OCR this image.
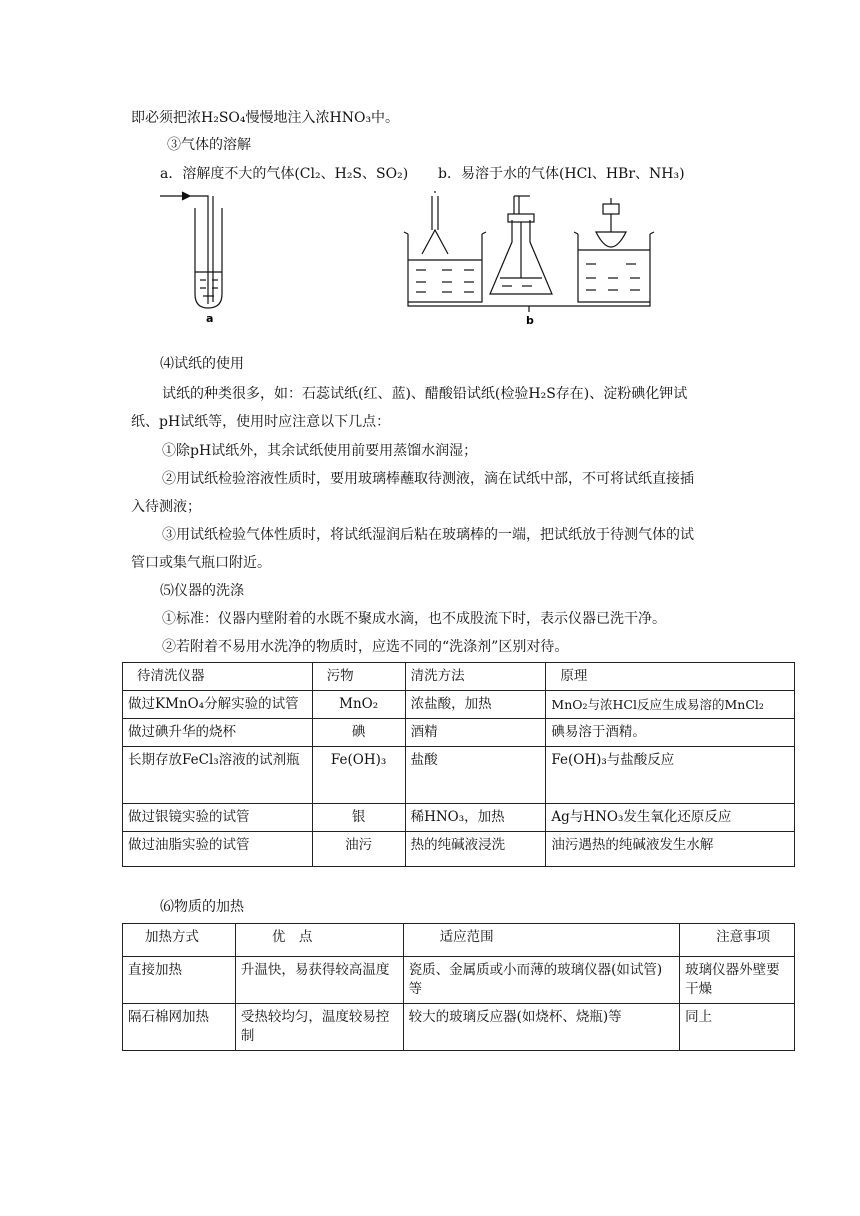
即必须把浓H₂SO₄慢慢地注入浓HNO₃中。
③气体的溶解
a．溶解度不大的气体(Cl₂、H₂S、SO₂) b．易溶于水的气体(HCl、HBr、NH₃)
a	b
⑷试纸的使用
试纸的种类很多，如：石蕊试纸(红、蓝)、醋酸铅试纸(检验H₂S存在)、淀粉碘化钾试
纸、pH试纸等，使用时应注意以下几点：
①除pH试纸外，其余试纸使用前要用蒸馏水润湿；
②用试纸检验溶液性质时，要用玻璃棒蘸取待测液，滴在试纸中部，不可将试纸直接插
入待测液；
③用试纸检验气体性质时，将试纸湿润后粘在玻璃棒的一端，把试纸放于待测气体的试
管口或集气瓶口附近。
⑸仪器的洗涤
①标准：仪器内壁附着的水既不聚成水滴，也不成股流下时，表示仪器已洗干净。
②若附着不易用水洗净的物质时，应选不同的“洗涤剂”区别对待。
待清洗仪器	污物	清洗方法	原理
做过KMnO₄分解实验的试管	MnO₂	浓盐酸，加热	MnO₂与浓HCl反应生成易溶的MnCl₂
做过碘升华的烧杯	碘	酒精	碘易溶于酒精。
长期存放FeCl₃溶液的试剂瓶	Fe(OH)₃	盐酸	Fe(OH)₃与盐酸反应
做过银镜实验的试管	银	稀HNO₃，加热	Ag与HNO₃发生氧化还原反应
做过油脂实验的试管	油污	热的纯碱液浸洗	油污遇热的纯碱液发生水解
⑹物质的加热
加热方式	优　点	适应范围	注意事项
直接加热	升温快，易获得较高温度	瓷质、金属质或小而薄的玻璃仪器(如试管)等	玻璃仪器外壁要干燥
隔石棉网加热	受热较均匀，温度较易控制	较大的玻璃反应器(如烧杯、烧瓶)等	同上
